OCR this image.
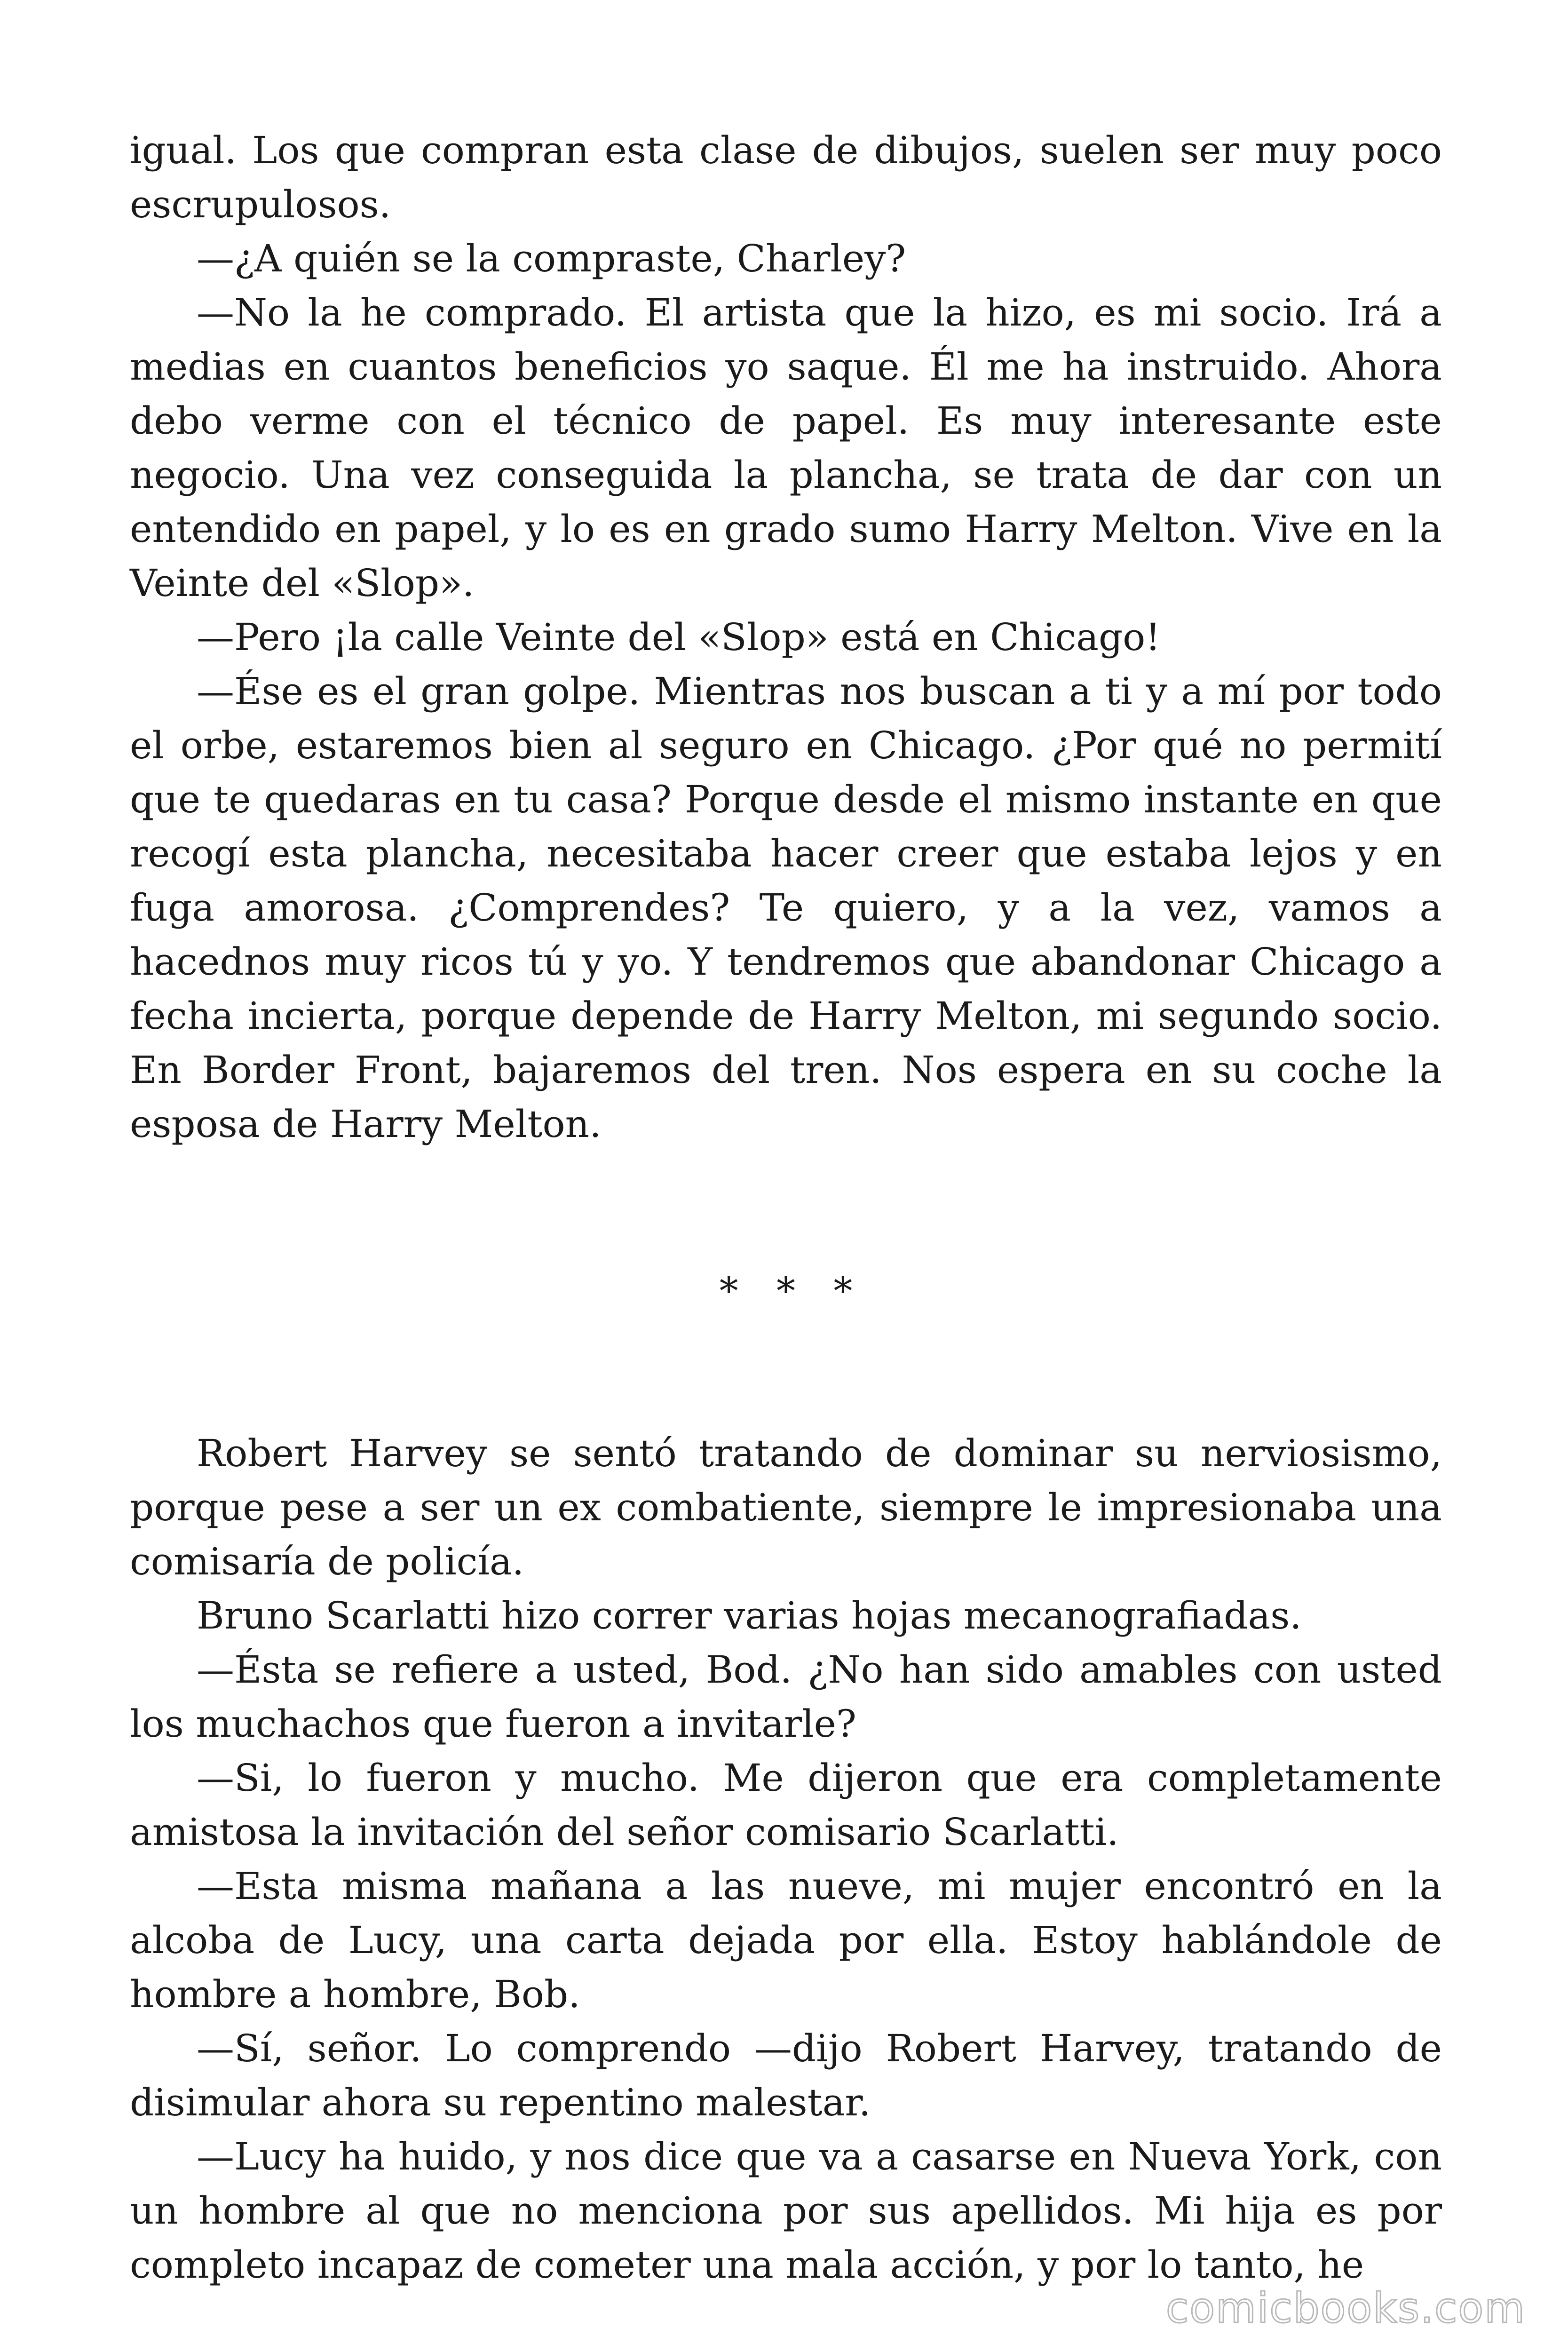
igual. Los que compran esta clase de dibujos, suelen ser muy poco escrupulosos.

—¿A quién se la compraste, Charley?

—No la he comprado. El artista que la hizo, es mi socio. Irá a medias en cuantos beneficios yo saque. Él me ha instruido. Ahora debo verme con el técnico de papel. Es muy interesante este negocio. Una vez conseguida la plancha, se trata de dar con un entendido en papel, y lo es en grado sumo Harry Melton. Vive en la Veinte del «Slop».

—Pero ¡la calle Veinte del «Slop» está en Chicago!

—Ése es el gran golpe. Mientras nos buscan a ti y a mí por todo el orbe, estaremos bien al seguro en Chicago. ¿Por qué no permití que te quedaras en tu casa? Porque desde el mismo instante en que recogí esta plancha, necesitaba hacer creer que estaba lejos y en fuga amorosa. ¿Comprendes? Te quiero, y a la vez, vamos a hacednos muy ricos tú y yo. Y tendremos que abandonar Chicago a fecha incierta, porque depende de Harry Melton, mi segundo socio. En Border Front, bajaremos del tren. Nos espera en su coche la esposa de Harry Melton.

* * *

Robert Harvey se sentó tratando de dominar su nerviosismo, porque pese a ser un ex combatiente, siempre le impresionaba una comisaría de policía.

Bruno Scarlatti hizo correr varias hojas mecanografiadas.

—Ésta se refiere a usted, Bod. ¿No han sido amables con usted los muchachos que fueron a invitarle?

—Si, lo fueron y mucho. Me dijeron que era completamente amistosa la invitación del señor comisario Scarlatti.

—Esta misma mañana a las nueve, mi mujer encontró en la alcoba de Lucy, una carta dejada por ella. Estoy hablándole de hombre a hombre, Bob.

—Sí, señor. Lo comprendo —dijo Robert Harvey, tratando de disimular ahora su repentino malestar.

—Lucy ha huido, y nos dice que va a casarse en Nueva York, con un hombre al que no menciona por sus apellidos. Mi hija es por completo incapaz de cometer una mala acción, y por lo tanto, he

comicbooks.com
